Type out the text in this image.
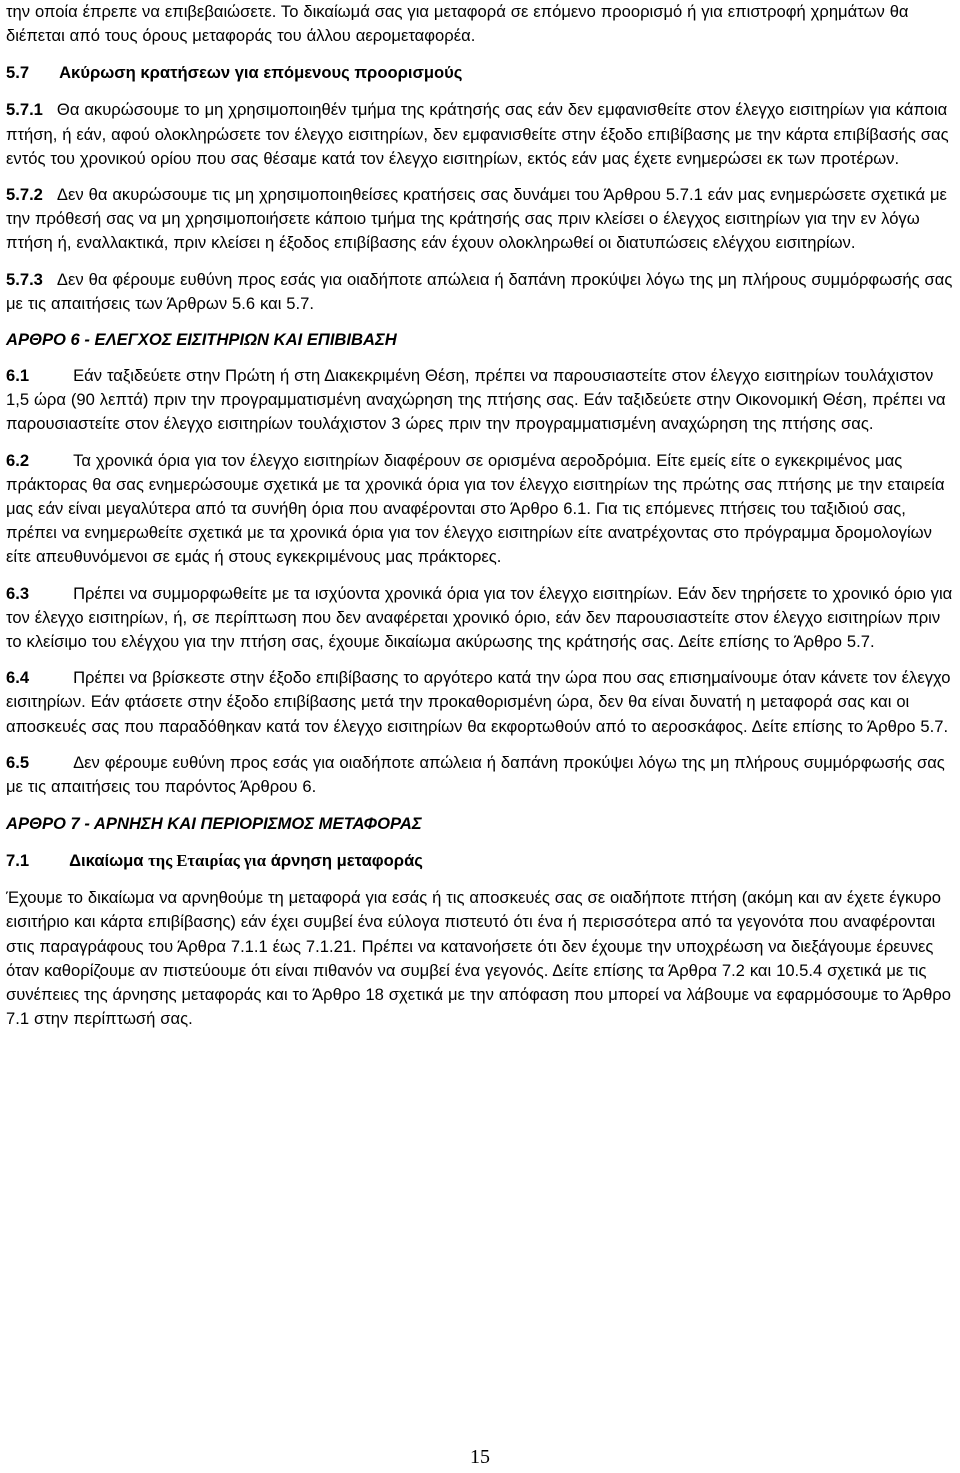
την οποία έπρεπε να επιβεβαιώσετε. Το δικαίωμά σας για μεταφορά σε επόμενο προορισμό ή για επιστροφή χρημάτων θα διέπεται από τους όρους μεταφοράς του άλλου αερομεταφορέα.

5.7 Ακύρωση κρατήσεων για επόμενους προορισμούς

5.7.1 Θα ακυρώσουμε το μη χρησιμοποιηθέν τμήμα της κράτησής σας εάν δεν εμφανισθείτε στον έλεγχο εισιτηρίων για κάποια πτήση, ή εάν, αφού ολοκληρώσετε τον έλεγχο εισιτηρίων, δεν εμφανισθείτε στην έξοδο επιβίβασης με την κάρτα επιβίβασής σας εντός του χρονικού ορίου που σας θέσαμε κατά τον έλεγχο εισιτηρίων, εκτός εάν μας έχετε ενημερώσει εκ των προτέρων.

5.7.2 Δεν θα ακυρώσουμε τις μη χρησιμοποιηθείσες κρατήσεις σας δυνάμει του Άρθρου 5.7.1 εάν μας ενημερώσετε σχετικά με την πρόθεσή σας να μη χρησιμοποιήσετε κάποιο τμήμα της κράτησής σας πριν κλείσει ο έλεγχος εισιτηρίων για την εν λόγω πτήση ή, εναλλακτικά, πριν κλείσει η έξοδος επιβίβασης εάν έχουν ολοκληρωθεί οι διατυπώσεις ελέγχου εισιτηρίων.

5.7.3 Δεν θα φέρουμε ευθύνη προς εσάς για οιαδήποτε απώλεια ή δαπάνη προκύψει λόγω της μη πλήρους συμμόρφωσής σας με τις απαιτήσεις των Άρθρων 5.6 και 5.7.

ΑΡΘΡΟ 6 - ΕΛΕΓΧΟΣ ΕΙΣΙΤΗΡΙΩΝ ΚΑΙ ΕΠΙΒΙΒΑΣΗ

6.1	Εάν ταξιδεύετε στην Πρώτη ή στη Διακεκριμένη Θέση, πρέπει να παρουσιαστείτε στον έλεγχο εισιτηρίων τουλάχιστον 1,5 ώρα (90 λεπτά) πριν την προγραμματισμένη αναχώρηση της πτήσης σας. Εάν ταξιδεύετε στην Οικονομική Θέση, πρέπει να παρουσιαστείτε στον έλεγχο εισιτηρίων τουλάχιστον 3 ώρες πριν την προγραμματισμένη αναχώρηση της πτήσης σας.

6.2	Τα χρονικά όρια για τον έλεγχο εισιτηρίων διαφέρουν σε ορισμένα αεροδρόμια. Είτε εμείς είτε ο εγκεκριμένος μας πράκτορας θα σας ενημερώσουμε σχετικά με τα χρονικά όρια για τον έλεγχο εισιτηρίων της πρώτης σας πτήσης με την εταιρεία μας εάν είναι μεγαλύτερα από τα συνήθη όρια που αναφέρονται στο Άρθρο 6.1. Για τις επόμενες πτήσεις του ταξιδιού σας, πρέπει να ενημερωθείτε σχετικά με τα χρονικά όρια για τον έλεγχο εισιτηρίων είτε ανατρέχοντας στο πρόγραμμα δρομολογίων είτε απευθυνόμενοι σε εμάς ή στους εγκεκριμένους μας πράκτορες.

6.3	Πρέπει να συμμορφωθείτε με τα ισχύοντα χρονικά όρια για τον έλεγχο εισιτηρίων. Εάν δεν τηρήσετε το χρονικό όριο για τον έλεγχο εισιτηρίων, ή, σε περίπτωση που δεν αναφέρεται χρονικό όριο, εάν δεν παρουσιαστείτε στον έλεγχο εισιτηρίων πριν το κλείσιμο του ελέγχου για την πτήση σας, έχουμε δικαίωμα ακύρωσης της κράτησής σας. Δείτε επίσης το Άρθρο 5.7.

6.4	Πρέπει να βρίσκεστε στην έξοδο επιβίβασης το αργότερο κατά την ώρα που σας επισημαίνουμε όταν κάνετε τον έλεγχο εισιτηρίων. Εάν φτάσετε στην έξοδο επιβίβασης μετά την προκαθορισμένη ώρα, δεν θα είναι δυνατή η μεταφορά σας και οι αποσκευές σας που παραδόθηκαν κατά τον έλεγχο εισιτηρίων θα εκφορτωθούν από το αεροσκάφος. Δείτε επίσης το Άρθρο 5.7.

6.5	Δεν φέρουμε ευθύνη προς εσάς για οιαδήποτε απώλεια ή δαπάνη προκύψει λόγω της μη πλήρους συμμόρφωσής σας με τις απαιτήσεις του παρόντος Άρθρου 6.

ΑΡΘΡΟ 7 - ΑΡΝΗΣΗ ΚΑΙ ΠΕΡΙΟΡΙΣΜΟΣ ΜΕΤΑΦΟΡΑΣ

7.1 Δικαίωμα της Εταιρίας για άρνηση μεταφοράς

Έχουμε το δικαίωμα να αρνηθούμε τη μεταφορά για εσάς ή τις αποσκευές σας σε οιαδήποτε πτήση (ακόμη και αν έχετε έγκυρο εισιτήριο και κάρτα επιβίβασης) εάν έχει συμβεί ένα εύλογα πιστευτό ότι ένα ή περισσότερα από τα γεγονότα που αναφέρονται στις παραγράφους του Άρθρα 7.1.1 έως 7.1.21. Πρέπει να κατανοήσετε ότι δεν έχουμε την υποχρέωση να διεξάγουμε έρευνες όταν καθορίζουμε αν πιστεύουμε ότι είναι πιθανόν να συμβεί ένα γεγονός. Δείτε επίσης τα Άρθρα 7.2 και 10.5.4 σχετικά με τις συνέπειες της άρνησης μεταφοράς και το Άρθρο 18 σχετικά με την απόφαση που μπορεί να λάβουμε να εφαρμόσουμε το Άρθρο 7.1 στην περίπτωσή σας.

15
